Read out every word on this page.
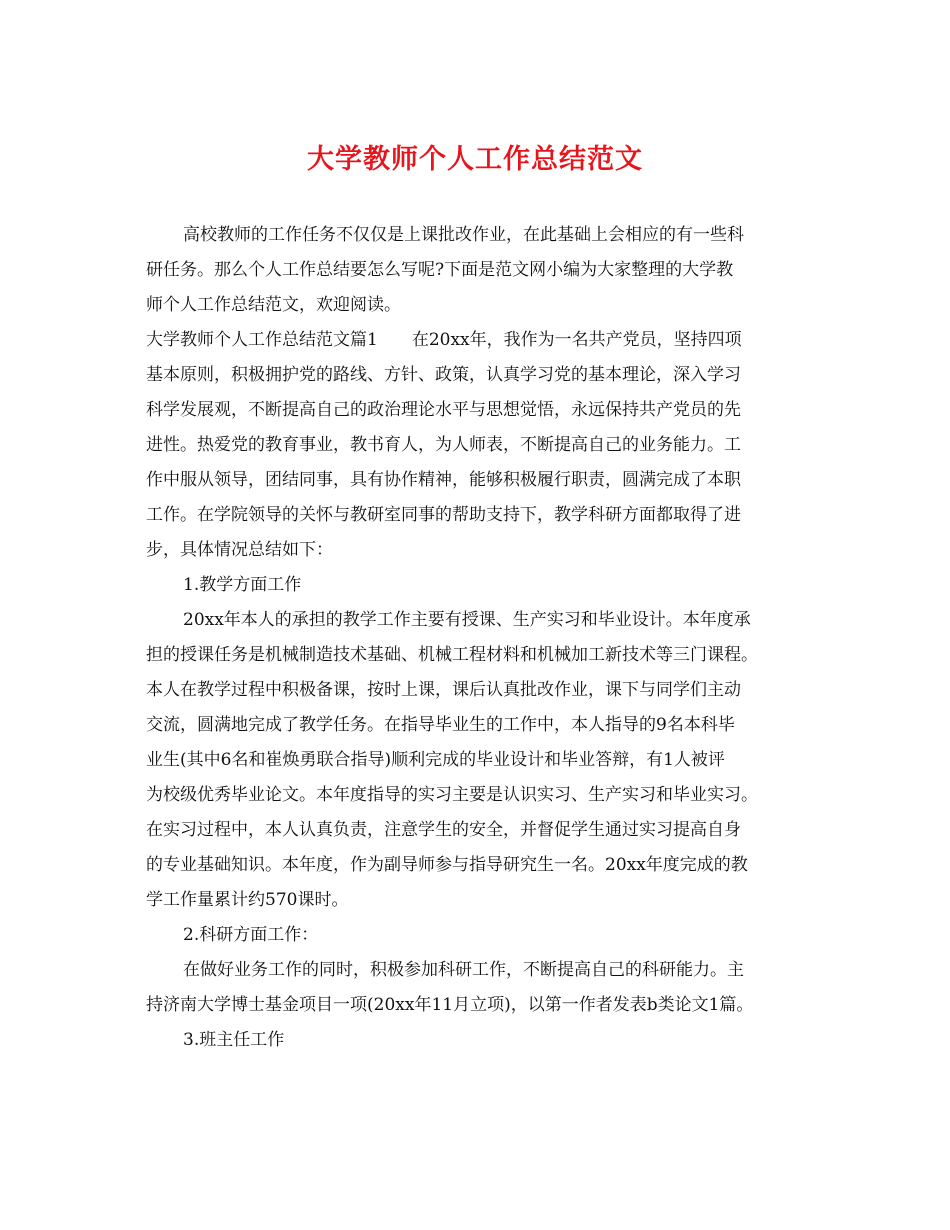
大学教师个人工作总结范文
高校教师的工作任务不仅仅是上课批改作业，在此基础上会相应的有一些科
研任务。那么个人工作总结要怎么写呢?下面是范文网小编为大家整理的大学教
师个人工作总结范文，欢迎阅读。
大学教师个人工作总结范文篇1　　在20xx年，我作为一名共产党员，坚持四项
基本原则，积极拥护党的路线、方针、政策，认真学习党的基本理论，深入学习
科学发展观，不断提高自己的政治理论水平与思想觉悟，永远保持共产党员的先
进性。热爱党的教育事业，教书育人，为人师表，不断提高自己的业务能力。工
作中服从领导，团结同事，具有协作精神，能够积极履行职责，圆满完成了本职
工作。在学院领导的关怀与教研室同事的帮助支持下，教学科研方面都取得了进
步，具体情况总结如下：
1.教学方面工作
20xx年本人的承担的教学工作主要有授课、生产实习和毕业设计。本年度承
担的授课任务是机械制造技术基础、机械工程材料和机械加工新技术等三门课程。
本人在教学过程中积极备课，按时上课，课后认真批改作业，课下与同学们主动
交流，圆满地完成了教学任务。在指导毕业生的工作中，本人指导的9名本科毕
业生(其中6名和崔焕勇联合指导)顺利完成的毕业设计和毕业答辩，有1人被评
为校级优秀毕业论文。本年度指导的实习主要是认识实习、生产实习和毕业实习。
在实习过程中，本人认真负责，注意学生的安全，并督促学生通过实习提高自身
的专业基础知识。本年度，作为副导师参与指导研究生一名。20xx年度完成的教
学工作量累计约570课时。
2.科研方面工作：
在做好业务工作的同时，积极参加科研工作，不断提高自己的科研能力。主
持济南大学博士基金项目一项(20xx年11月立项)，以第一作者发表b类论文1篇。
3.班主任工作
